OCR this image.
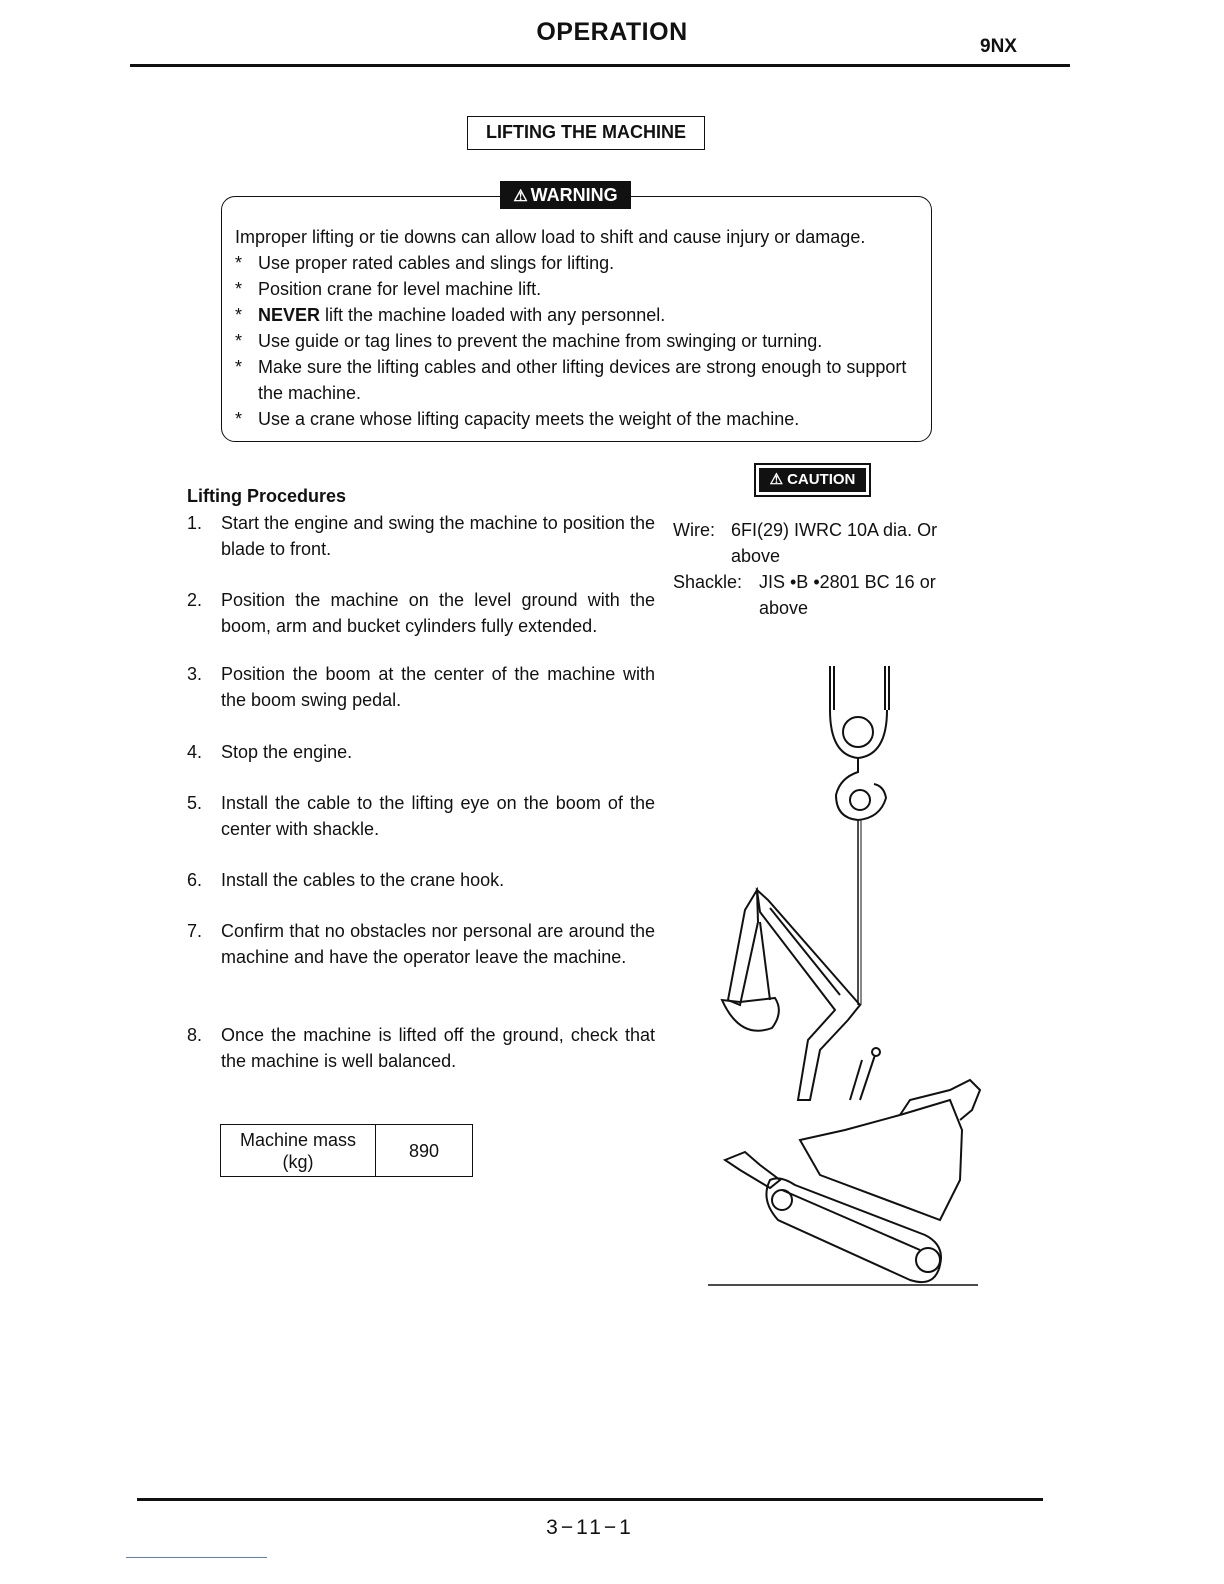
OPERATION
9NX
LIFTING THE MACHINE
⚠ WARNING
Improper lifting or tie downs can allow load to shift and cause injury or damage.
* Use proper rated cables and slings for lifting.
* Position crane for level machine lift.
* NEVER lift the machine loaded with any personnel.
* Use guide or tag lines to prevent the machine from swinging or turning.
* Make sure the lifting cables and other lifting devices are strong enough to support the machine.
* Use a crane whose lifting capacity meets the weight of the machine.
⚠ CAUTION
Wire: 6FI(29) IWRC 10A dia. Or above
Shackle: JIS •B •2801 BC 16 or above
Lifting Procedures
1. Start the engine and swing the machine to position the blade to front.
2. Position the machine on the level ground with the boom, arm and bucket cylinders fully extended.
3. Position the boom at the center of the machine with the boom swing pedal.
4. Stop the engine.
5. Install the cable to the lifting eye on the boom of the center with shackle.
6. Install the cables to the crane hook.
7. Confirm that no obstacles nor personal are around the machine and have the operator leave the machine.
8. Once the machine is lifted off the ground, check that the machine is well balanced.
Machine mass
(kg)
	890
3−11−1
